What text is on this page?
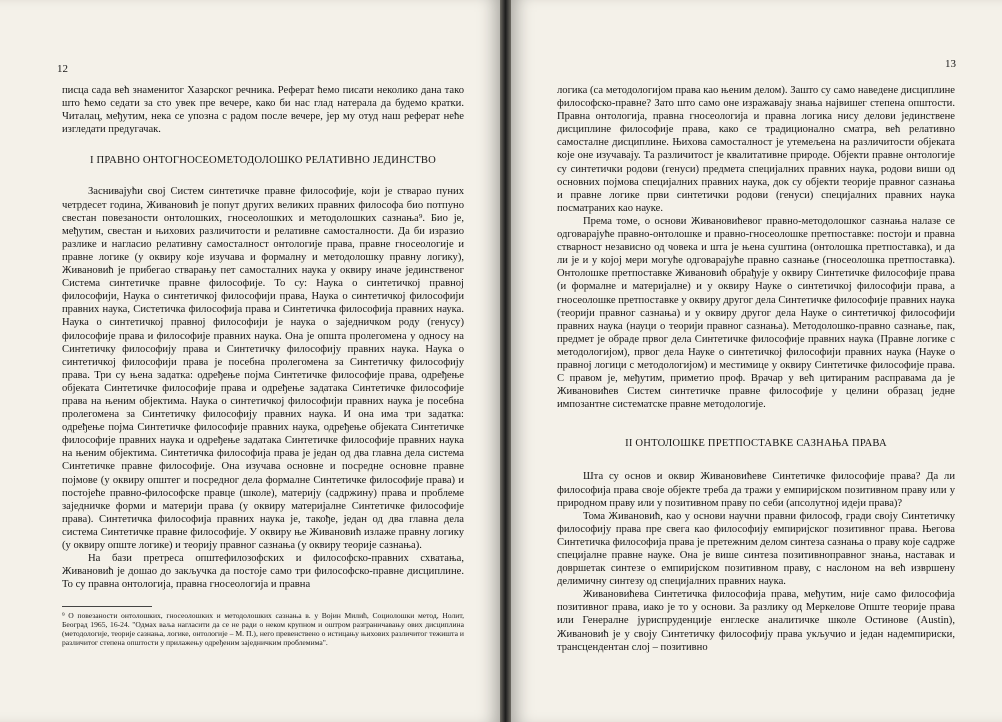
12

писца сада већ знаменитог Хазарског речника. Реферат ћемо писати неколико дана тако што ћемо седати за сто увек пре вечере, како би нас глад натерала да будемо кратки. Читалац, међутим, нека се упозна с радом после вечере, јер му отуд наш реферат неће изгледати предугачак.

I ПРАВНО ОНТОГНОСЕОМЕТОДОЛОШКО РЕЛАТИВНО ЈЕДИНСТВО

Заснивајући свој Систем синтетичке правне философије, који је стварао пуних четрдесет година, Живановић је попут других великих правних философа био потпуно свестан повезаности онтолошких, гносеолошких и методолошких сазнања⁹. Био је, међутим, свестан и њихових различитости и релативне самосталности. Да би изразио разлике и нагласио релативну самосталност онтологије права, правне гносеологије и правне логике (у оквиру које изучава и формалну и методолошку правну логику), Живановић је прибегао стварању пет самосталних наука у оквиру иначе јединственог Система синтетичке правне философије. То су: Наука о синтетичкој правној философији, Наука о синтетичкој философији права, Наука о синтетичкој философији правних наука, Систетичка философија права и Синтетичка философија правних наука. Наука о синтетичкој правној философији је наука о заједничком роду (генусу) философије права и философије правних наука. Она је општа пролегомена у односу на Синтетичку философију права и Синтетичку философију правних наука. Наука о синтетичкој философији права је посебна пролегомена за Синтетичку философију права. Три су њена задатка: одређење појма Синтетичке философије права, одређење објеката Синтетичке философије права и одређење задатака Синтетичке философије права на њеним објектима. Наука о синтетичкој философији правних наука је посебна пролегомена за Синтетичку философију правних наука. И она има три задатка: одређење појма Синтетичке философије правних наука, одређење објеката Синтетичке философије правних наука и одређење задатака Синтетичке философије правних наука на њеним објектима. Синтетичка философија права је један од два главна дела система Синтетичке правне философије. Она изучава основне и посредне основне правне појмове (у оквиру општег и посредног дела формалне Синтетичке философије права) и постојеће правно-философске правце (школе), материју (садржину) права и проблеме заједничке форми и материји права (у оквиру материјалне Синтетичке философије права). Синтетичка философија правних наука је, такође, један од два главна дела система Синтетичке правне философије. У оквиру ње Живановић излаже правну логику (у оквиру опште логике) и теорију правног сазнања (у оквиру теорије сазнања).

На бази претреса општефилозофских и философско-правних схватања, Живановић је дошао до закључка да постоје само три философско-правне дисциплине. То су правна онтологија, правна гносеологија и правна

⁹ О повезаности онтолошких, гносеолошких и методолошких сазнања в. у Војин Милић, Социолошки метод, Нолит, Београд 1965, 16-24. "Одмах ваља нагласити да се не ради о неком крупном и оштром разграничавању ових дисциплина (методологије, теорије сазнања, логике, онтологије – М. П.), него превенствено о истицању њихових различитог тежишта и различитог степена општости у прилажењу одређеним заједничким проблемима".
13

логика (са методологијом права као њеним делом). Зашто су само наведене дисциплине философско-правне? Зато што само оне изражавају знања највишег степена општости. Правна онтологија, правна гносеологија и правна логика нису делови јединствене дисциплине философије права, како се традиционално сматра, већ релативно самосталне дисциплине. Њихова самосталност је утемељена на различитости објеката које оне изучавају. Та различитост је квалитативне природе. Објекти правне онтологије су синтетички родови (генуси) предмета специјалних правних наука, родови виши од основних појмова специјалних правних наука, док су објекти теорије правног сазнања и правне логике први синтетички родови (генуси) специјалних правних наука посматраних као науке.

Према томе, о основи Живановићевог правно-методолошког сазнања налазе се одговарајуће правно-онтолошке и правно-гносеолошке претпоставке: постоји и правна стварност независно од човека и шта је њена суштина (онтолошка претпоставка), и да ли је и у којој мери могуће одговарајуће правно сазнање (гносеолошка претпоставка). Онтолошке претпоставке Живановић обрађује у оквиру Синтетичке философије права (и формалне и материјалне) и у оквиру Науке о синтетичкој философији права, а гносеолошке претпоставке у оквиру другог дела Синтетичке философије правних наука (теорији правног сазнања) и у оквиру другог дела Науке о синтетичкој философији правних наука (науци о теорији правног сазнања). Методолошко-правно сазнање, пак, предмет је обраде првог дела Синтетичке философије правних наука (Правне логике с методологијом), првог дела Науке о синтетичкој философији правних наука (Науке о правној логици с методологијом) и местимице у оквиру Синтетичке философије права. С правом је, међутим, приметио проф. Врачар у већ цитираним расправама да је Живановићев Систем синтетичке правне философије у целини образац једне импозантне систематске правне методологије.

II ОНТОЛОШКЕ ПРЕТПОСТАВКЕ САЗНАЊА ПРАВА

Шта су основ и оквир Живановићеве Синтетичке философије права? Да ли философија права своје објекте треба да тражи у емпиријском позитивном праву или у природном праву или у позитивном праву по себи (апсолутној идеји права)?

Тома Живановић, као у основи научни правни философ, гради своју Синтетичку философију права пре свега као философију емпиријског позитивног права. Његова Синтетичка философија права је претежним делом синтеза сазнања о праву које садрже специјалне правне науке. Она је више синтеза позитивноправног знања, наставак и довршетак синтезе о емпиријском позитивном праву, с наслоном на већ извршену делимичну синтезу од специјалних правних наука.

Живановићева Синтетичка философија права, међутим, није само философија позитивног права, иако је то у основи. За разлику од Меркелове Опште теорије права или Генералне јуриспруденције енглеске аналитичке школе Остинове (Austin), Живановић је у своју Синтетичку философију права укључио и један надемпириски, трансцендентан слој – позитивно
